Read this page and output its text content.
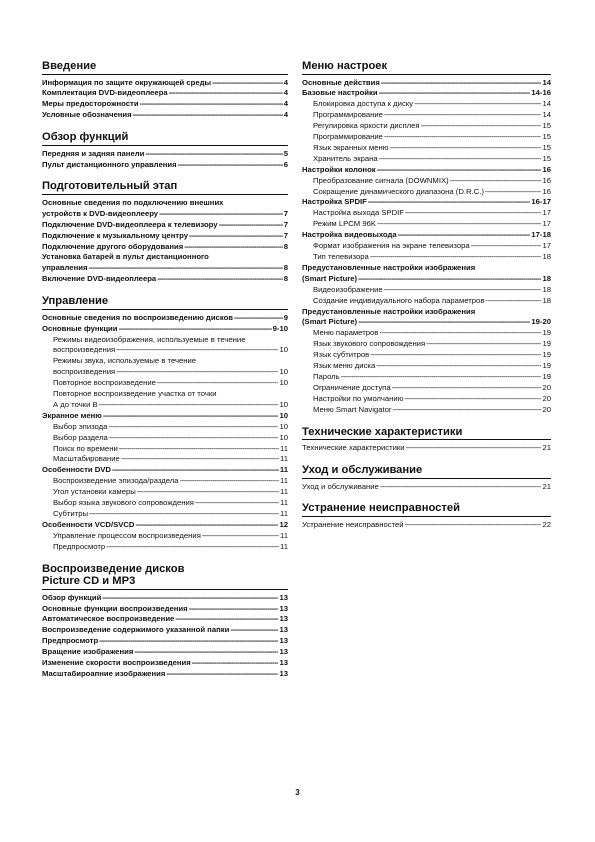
Введение
Информация по защите окружающей среды -----	4
Комплектация DVD-видеоплеера -----	4
Меры предосторожности -----	4
Условные обозначения -----	4
Обзор функций
Передняя и задняя панели -----	5
Пульт дистанционного управления -----	6
Подготовительный этап
Основные сведения по подключению внешних
устройств к DVD-видеоплееру -----	7
Подключение DVD-видеоплеера к телевизору -----	7
Подключение к музыкальному центру -----	7
Подключение другого оборудования -----	8
Установка батарей в пульт дистанционного
управления -----	8
Включение DVD-видеоплеера -----	8
Управление
Основные сведения по воспроизведению дисков -----	9
Основные функции -----	9-10
Режимы видеоизображения, используемые в течение
воспроизведения -----	10
Режимы звука, используемые в течение
воспроизведения -----	10
Повторное воспроизведение -----	10
Повторное воспроизведение участка от точки
А до точки В -----	10
Экранное меню -----	10
Выбор эпизода -----	10
Выбор раздела -----	10
Поиск по времени -----	11
Масштабирование -----	11
Особенности DVD -----	11
Воспроизведение эпизода/раздела -----	11
Угол установки камеры -----	11
Выбор языка звукового сопровождения -----	11
Субтитры -----	11
Особенности VCD/SVCD -----	12
Управление процессом воспроизведения -----	11
Предпросмотр -----	11
Воспроизведение дисков
Picture CD и MP3
Обзор функций -----	13
Основные функции воспроизведения -----	13
Автоматическое воспроизведение -----	13
Воспроизведение содержимого указанной папки -----	13
Предпросмотр -----	13
Вращение изображения -----	13
Изменение скорости воспроизведения -----	13
Масштабироапние изображения -----	13
Меню настроек
Основные действия -----	14
Базовые настройки -----	14-16
Блокировка доступа к диску -----	14
Программирование -----	14
Регулировка яркости дисплея -----	15
Программирование -----	15
Язык экранных меню -----	15
Хранитель экрана -----	15
Настройки колонок -----	16
Преобразование сигнала (DOWNMIX) -----	16
Сокращение динамического диапазона (D.R.C.) -----	16
Настройка SPDIF -----	16-17
Настройка выхода SPDIF -----	17
Режим LPCM 96K -----	17
Настройка видеовыхода -----	17-18
Формат изображения на экране телевизора -----	17
Тип телевизора -----	18
Предустановленные настройки изображения
(Smart Picture) -----	18
Видеоизображение -----	18
Создание индивидуального набора параметров -----	18
Предустановленные настройки изображения
(Smart Picture) -----	19-20
Меню параметров -----	19
Язык звукового сопровождения -----	19
Язык субтитров -----	19
Язык меню диска -----	19
Пароль -----	19
Ограничение доступа -----	20
Настройки по умолчанию -----	20
Меню Smart Navigator -----	20
Технические характеристики
Технические характеристики -----	21
Уход и обслуживание
Уход и обслуживание -----	21
Устранение неисправностей
Устранение неисправностей -----	22
3
